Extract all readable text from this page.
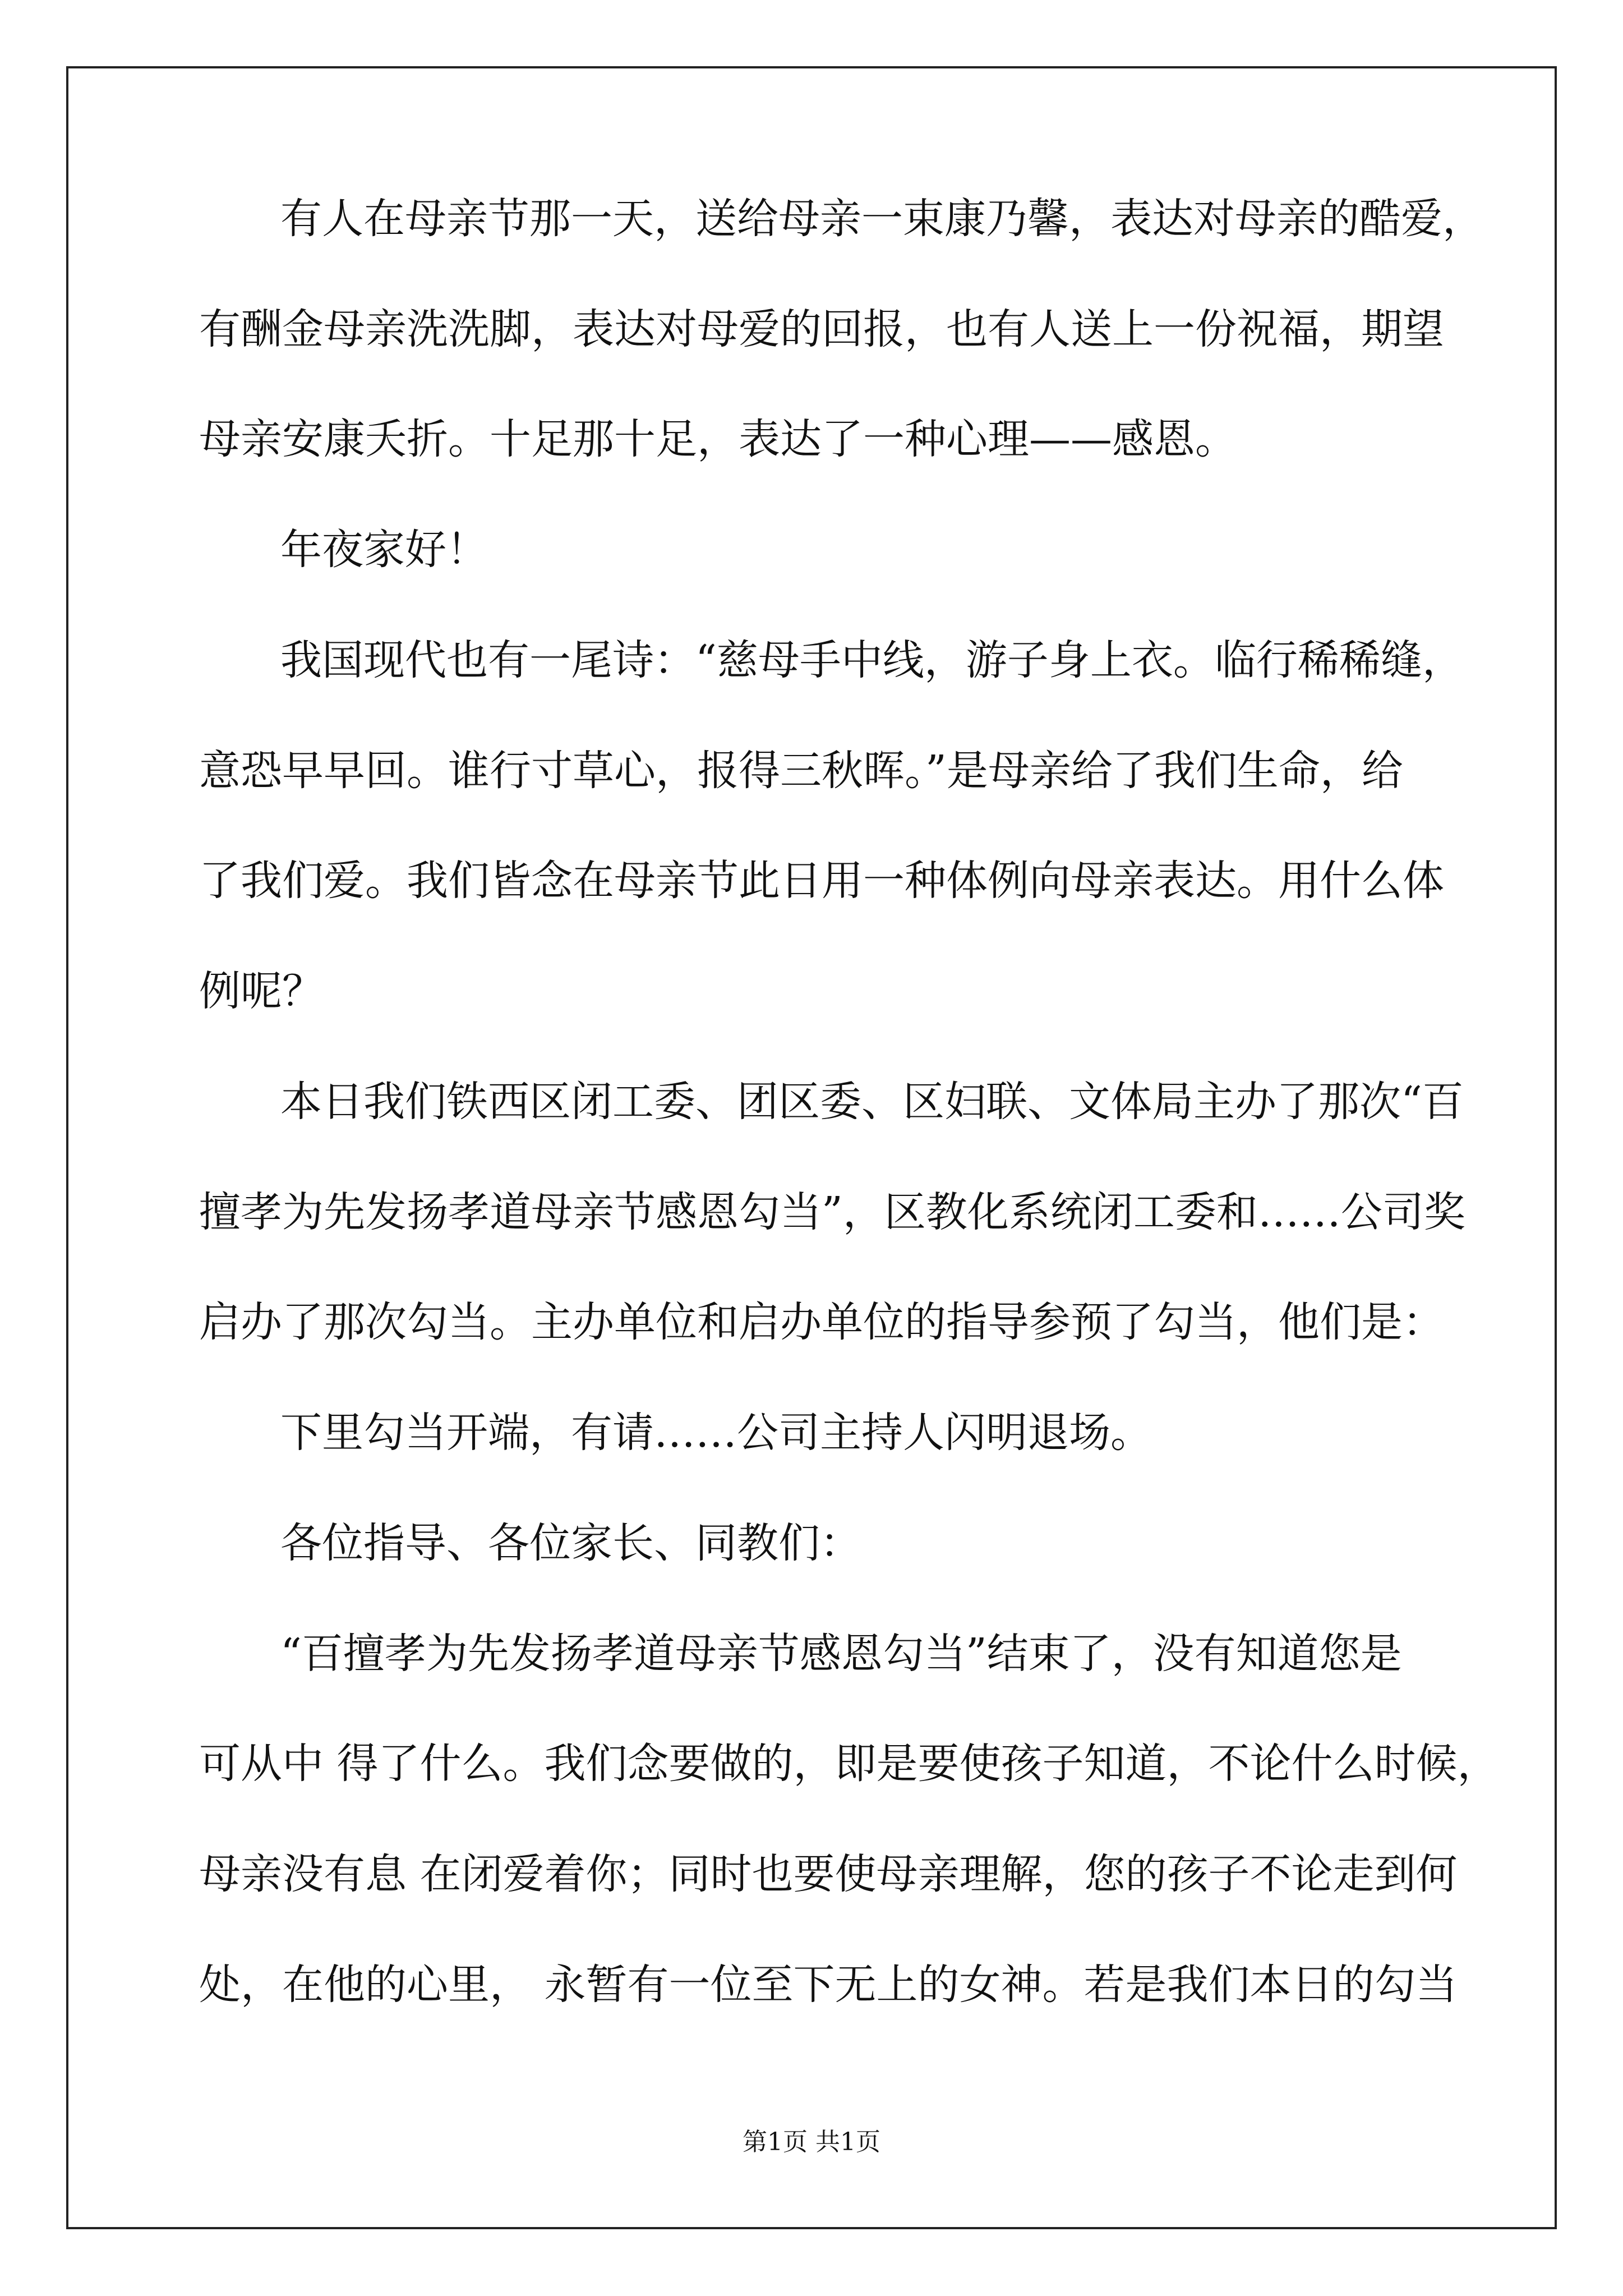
有人在母亲节那一天，送给母亲一束康乃馨，表达对母亲的酷爱，
有酬金母亲洗洗脚，表达对母爱的回报，也有人送上一份祝福，期望
母亲安康夭折。十足那十足，表达了一种心理——感恩。
年夜家好！
我国现代也有一尾诗：“慈母手中线，游子身上衣。临行稀稀缝，
意恐早早回。谁行寸草心，报得三秋晖。”是母亲给了我们生命，给
了我们爱。我们皆念在母亲节此日用一种体例向母亲表达。用什么体
例呢？
本日我们铁西区闭工委、团区委、区妇联、文体局主办了那次“百
擅孝为先发扬孝道母亲节感恩勾当”，区教化系统闭工委和……公司奖
启办了那次勾当。主办单位和启办单位的指导参预了勾当，他们是：
下里勾当开端，有请……公司主持人闪明退场。
各位指导、各位家长、同教们：
“百擅孝为先发扬孝道母亲节感恩勾当”结束了，没有知道您是
可从中 得了什么。我们念要做的，即是要使孩子知道，不论什么时候，
母亲没有息 在闭爱着你；同时也要使母亲理解，您的孩子不论走到何
处，在他的心里， 永暂有一位至下无上的女神。若是我们本日的勾当
第1页 共1页
